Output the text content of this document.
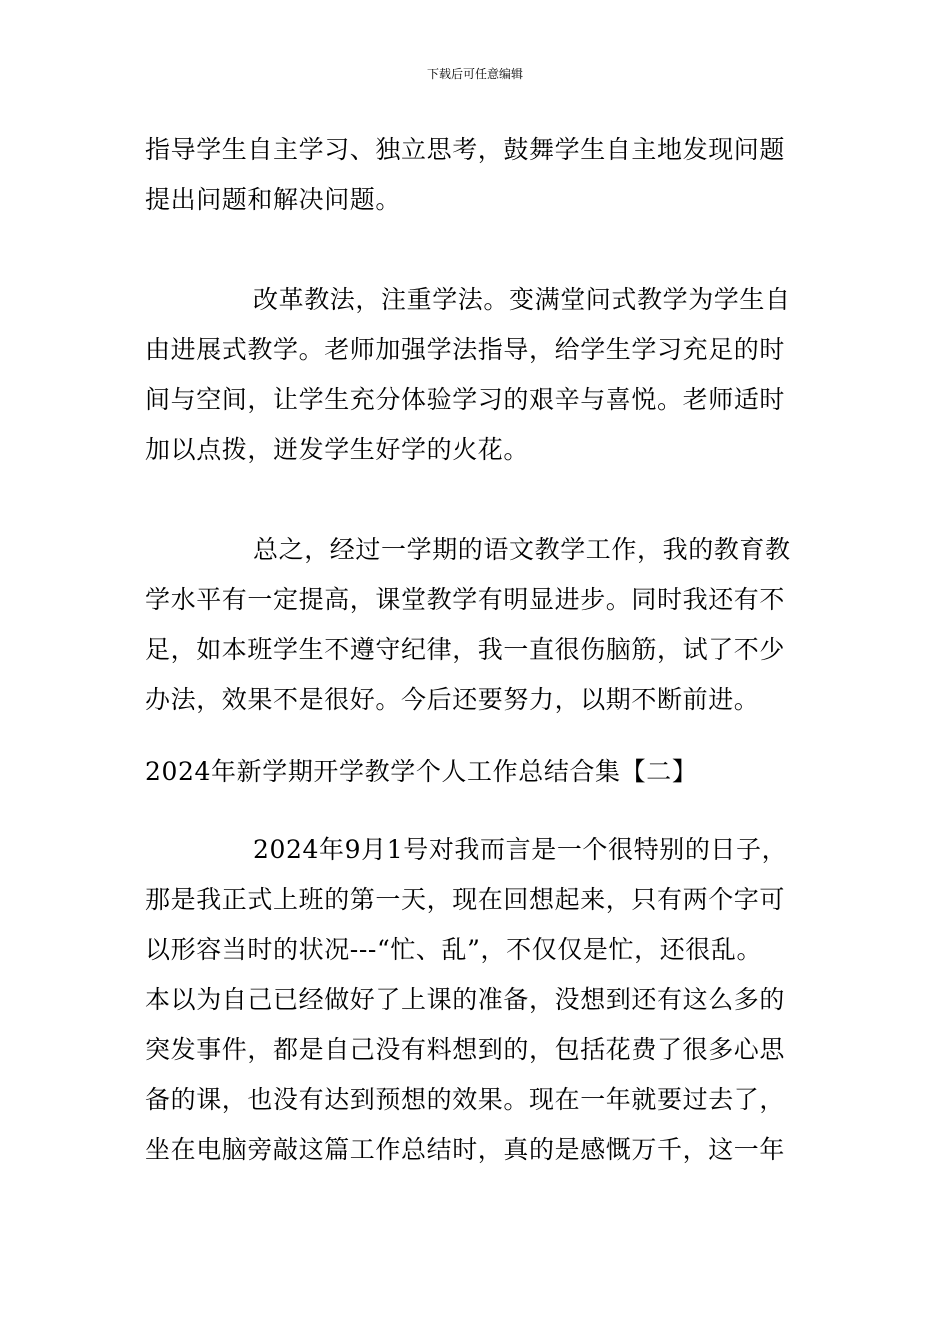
下载后可任意编辑
指导学生自主学习、独立思考，鼓舞学生自主地发现问题
提出问题和解决问题。
改革教法，注重学法。变满堂问式教学为学生自
由进展式教学。老师加强学法指导，给学生学习充足的时
间与空间，让学生充分体验学习的艰辛与喜悦。老师适时
加以点拨，迸发学生好学的火花。
总之，经过一学期的语文教学工作，我的教育教
学水平有一定提高，课堂教学有明显进步。同时我还有不
足，如本班学生不遵守纪律，我一直很伤脑筋，试了不少
办法，效果不是很好。今后还要努力，以期不断前进。
2024年新学期开学教学个人工作总结合集【二】
2024年9月1号对我而言是一个很特别的日子，
那是我正式上班的第一天，现在回想起来，只有两个字可
以形容当时的状况---“忙、乱”，不仅仅是忙，还很乱。
本以为自己已经做好了上课的准备，没想到还有这么多的
突发事件，都是自己没有料想到的，包括花费了很多心思
备的课，也没有达到预想的效果。现在一年就要过去了，
坐在电脑旁敲这篇工作总结时，真的是感慨万千，这一年
